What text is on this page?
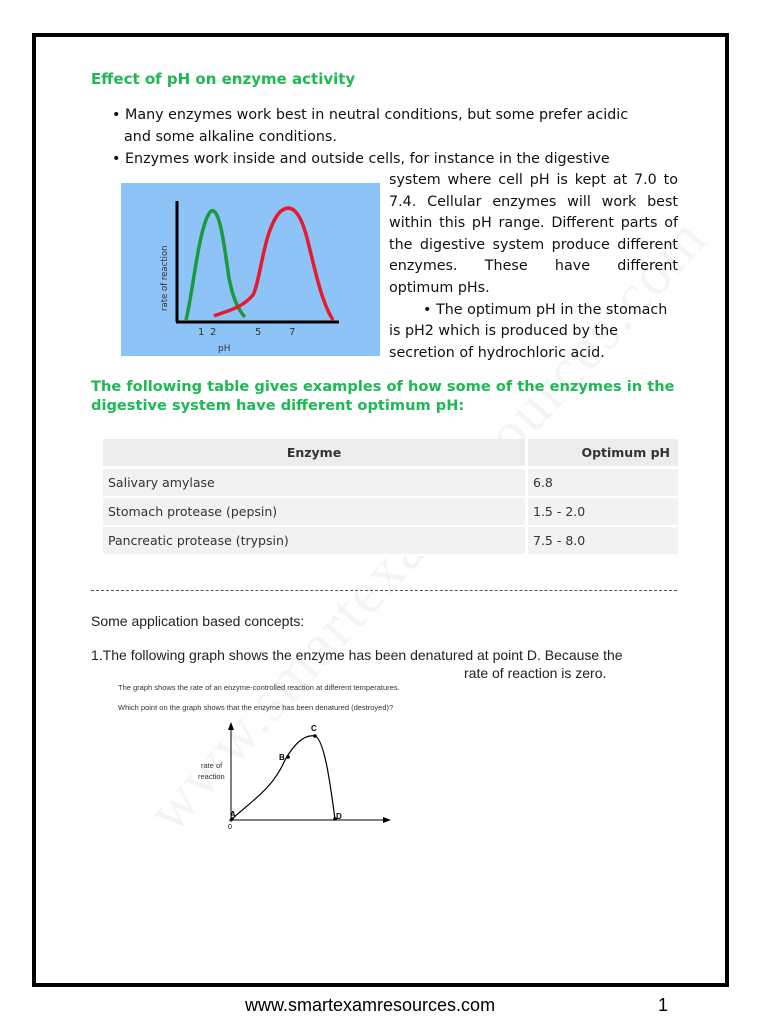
Effect of pH on enzyme activity
• Many enzymes work best in neutral conditions, but some prefer acidic
and some alkaline conditions.
• Enzymes work inside and outside cells, for instance in the digestive
1 2	5	7
pH
rate of reaction

system where cell pH is kept at 7.0 to 7.4. Cellular enzymes will work best within this pH range. Different parts of the digestive system produce different enzymes. These have different optimum pHs.

• The optimum pH in the stomach is pH2 which is produced by the secretion of hydrochloric acid.

The following table gives examples of how some of the enzymes in the digestive system have different optimum pH:
Enzyme	Optimum pH
Salivary amylase	6.8
Stomach protease (pepsin)	1.5 - 2.0
Pancreatic protease (trypsin)	7.5 - 8.0
Some application based concepts:
1.The following graph shows the enzyme has been denatured at point D. Because the
rate of reaction is zero.
The graph shows the rate of an enzyme-controlled reaction at different temperatures.
Which point on the graph shows that the enzyme has been denatured (destroyed)?
A
B
C
D
0
rate of
reaction
www.smartexamresources.com	1
